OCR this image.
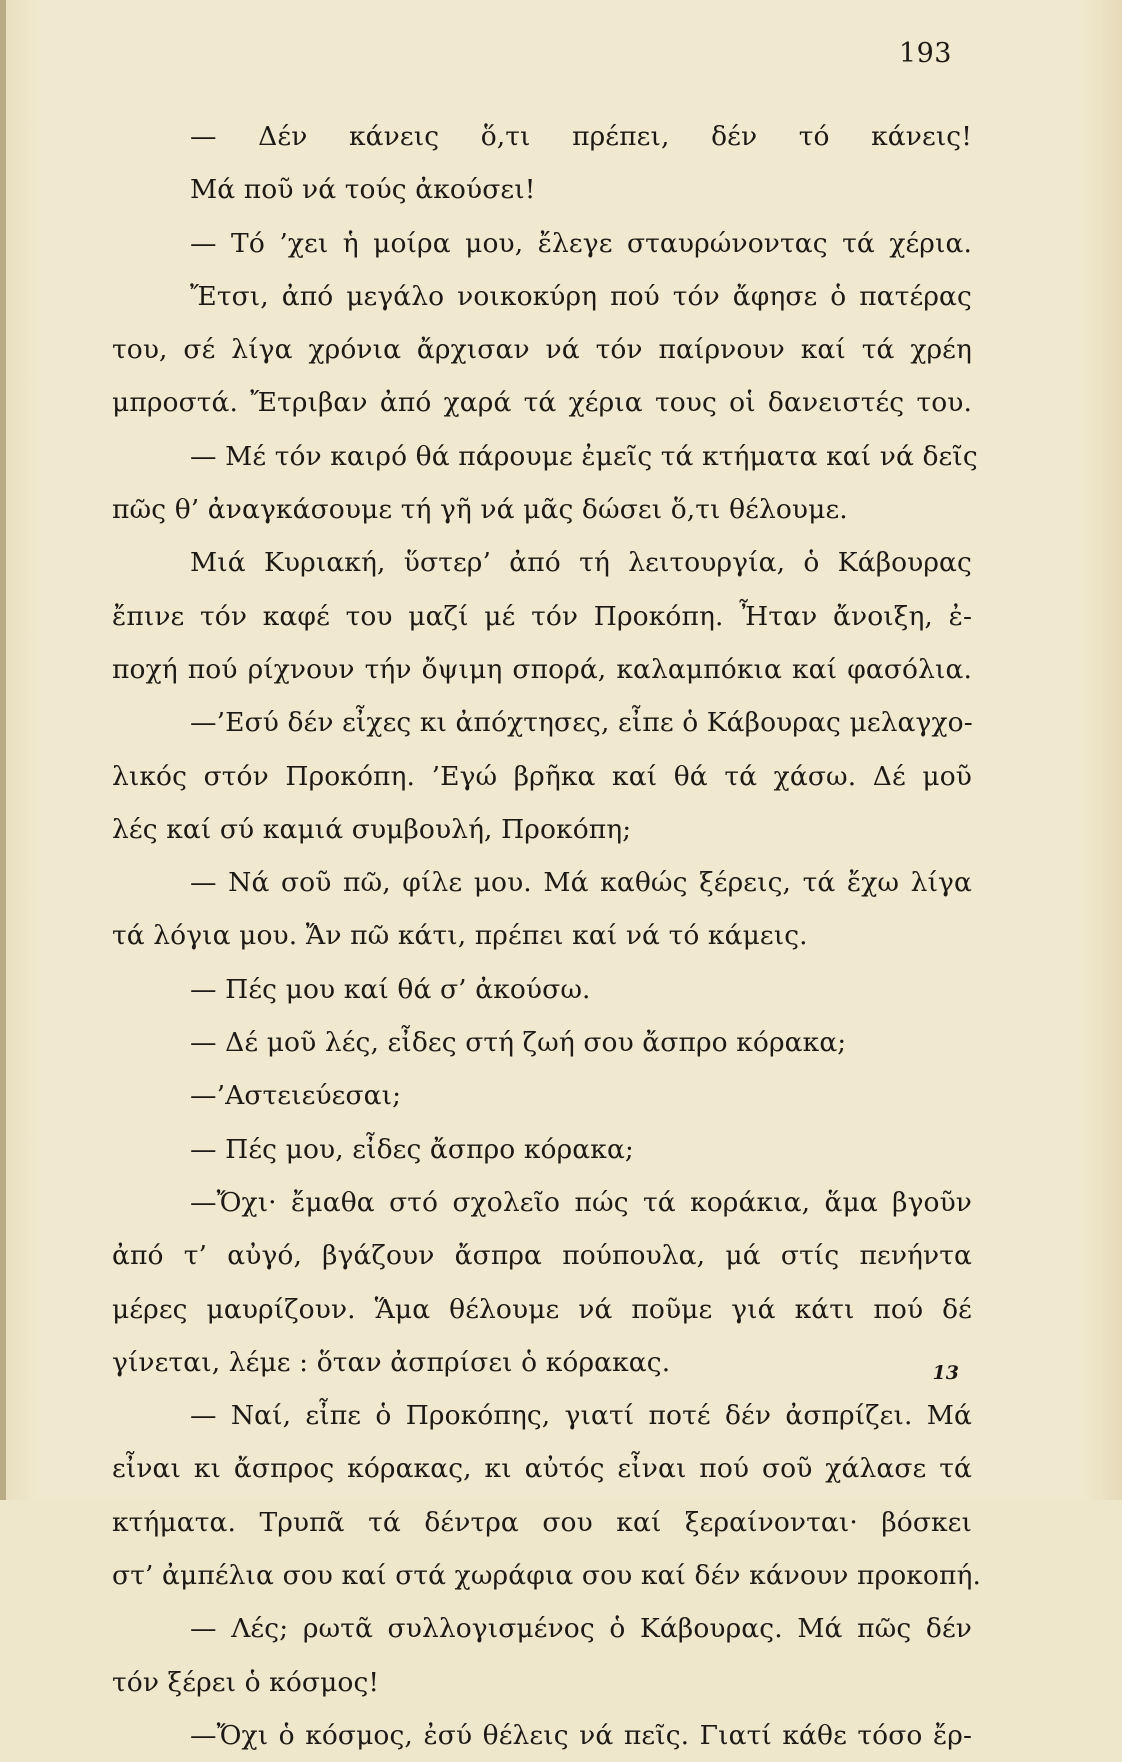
193
— Δέν κάνεις ὅ,τι πρέπει, δέν τό κάνεις!
Μά ποῦ νά τούς ἀκούσει!
— Τό ’χει ἡ μοίρα μου, ἔλεγε σταυρώνοντας τά χέρια.
Ἔτσι, ἀπό μεγάλο νοικοκύρη πού τόν ἄφησε ὁ πατέρας
του, σέ λίγα χρόνια ἄρχισαν νά τόν παίρνουν καί τά χρέη
μπροστά. Ἔτριβαν ἀπό χαρά τά χέρια τους οἱ δανειστές του.
— Μέ τόν καιρό θά πάρουμε ἐμεῖς τά κτήματα καί νά δεῖς
πῶς θ’ ἀναγκάσουμε τή γῆ νά μᾶς δώσει ὅ,τι θέλουμε.
Μιά Κυριακή, ὕστερ’ ἀπό τή λειτουργία, ὁ Κάβουρας
ἔπινε τόν καφέ του μαζί μέ τόν Προκόπη. Ἦταν ἄνοιξη, ἐ-
ποχή πού ρίχνουν τήν ὄψιμη σπορά, καλαμπόκια καί φασόλια.
—’Εσύ δέν εἶχες κι ἀπόχτησες, εἶπε ὁ Κάβουρας μελαγχο-
λικός στόν Προκόπη. ’Εγώ βρῆκα καί θά τά χάσω. Δέ μοῦ
λές καί σύ καμιά συμβουλή, Προκόπη;
— Νά σοῦ πῶ, φίλε μου. Μά καθώς ξέρεις, τά ἔχω λίγα
τά λόγια μου. Ἄν πῶ κάτι, πρέπει καί νά τό κάμεις.
— Πές μου καί θά σ’ ἀκούσω.
— Δέ μοῦ λές, εἶδες στή ζωή σου ἄσπρο κόρακα;
—’Αστειεύεσαι;
— Πές μου, εἶδες ἄσπρο κόρακα;
—Ὄχι· ἔμαθα στό σχολεῖο πώς τά κοράκια, ἅμα βγοῦν
ἀπό τ’ αὐγό, βγάζουν ἄσπρα πούπουλα, μά στίς πενήντα
μέρες μαυρίζουν. Ἅμα θέλουμε νά ποῦμε γιά κάτι πού δέ
γίνεται, λέμε : ὅταν ἀσπρίσει ὁ κόρακας.
— Ναί, εἶπε ὁ Προκόπης, γιατί ποτέ δέν ἀσπρίζει. Μά
εἶναι κι ἄσπρος κόρακας, κι αὐτός εἶναι πού σοῦ χάλασε τά
κτήματα. Τρυπᾶ τά δέντρα σου καί ξεραίνονται· βόσκει
στ’ ἀμπέλια σου καί στά χωράφια σου καί δέν κάνουν προκοπή.
— Λές; ρωτᾶ συλλογισμένος ὁ Κάβουρας. Μά πῶς δέν
τόν ξέρει ὁ κόσμος!
—Ὄχι ὁ κόσμος, ἐσύ θέλεις νά πεῖς. Γιατί κάθε τόσο ἔρ-
13
